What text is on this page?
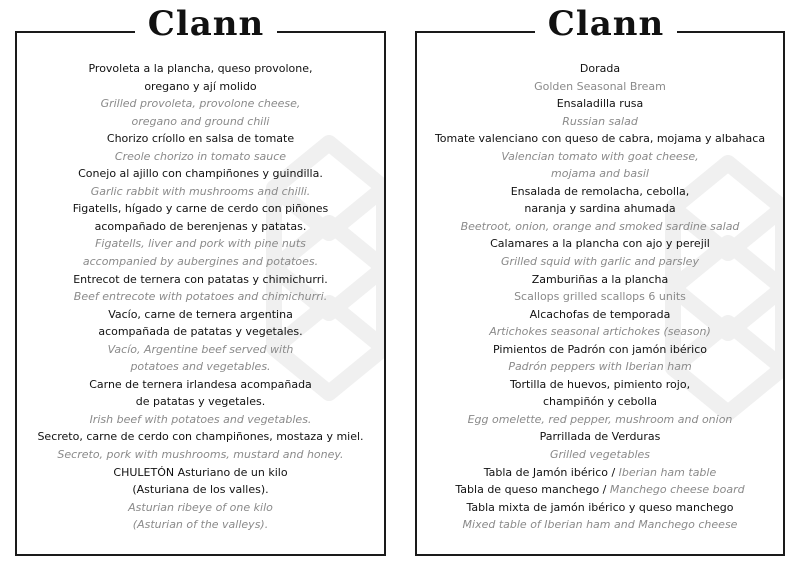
Provoleta a la plancha, queso provolone,
oregano y ají molido
Grilled provoleta, provolone cheese,
oregano and ground chili
Chorizo críollo en salsa de tomate
Creole chorizo in tomato sauce
Conejo al ajillo con champiñones y guindilla.
Garlic rabbit with mushrooms and chilli.
Figatells, hígado y carne de cerdo con piñones
acompañado de berenjenas y patatas.
Figatells, liver and pork with pine nuts
accompanied by aubergines and potatoes.
Entrecot de ternera con patatas y chimichurri.
Beef entrecote with potatoes and chimichurri.
Vacío, carne de ternera argentina
acompañada de patatas y vegetales.
Vacío, Argentine beef served with
potatoes and vegetables.
Carne de ternera irlandesa acompañada
de patatas y vegetales.
Irish beef with potatoes and vegetables.
Secreto, carne de cerdo con champiñones, mostaza y miel.
Secreto, pork with mushrooms, mustard and honey.
CHULETÓN Asturiano de un kilo
(Asturiana de los valles).
Asturian ribeye of one kilo
(Asturian of the valleys).
Clann
Dorada
Golden Seasonal Bream
Ensaladilla rusa
Russian salad
Tomate valenciano con queso de cabra, mojama y albahaca
Valencian tomato with goat cheese,
mojama and basil
Ensalada de remolacha, cebolla,
naranja y sardina ahumada
Beetroot, onion, orange and smoked sardine salad
Calamares a la plancha con ajo y perejil
Grilled squid with garlic and parsley
Zamburiñas a la plancha
Scallops grilled scallops 6 units
Alcachofas de temporada
Artichokes seasonal artichokes (season)
Pimientos de Padrón con jamón ibérico
Padrón peppers with Iberian ham
Tortilla de huevos, pimiento rojo,
champiñón y cebolla
Egg omelette, red pepper, mushroom and onion
Parrillada de Verduras
Grilled vegetables
Tabla de Jamón ibérico / Iberian ham table
Tabla de queso manchego / Manchego cheese board
Tabla mixta de jamón ibérico y queso manchego
Mixed table of Iberian ham and Manchego cheese
Clann
